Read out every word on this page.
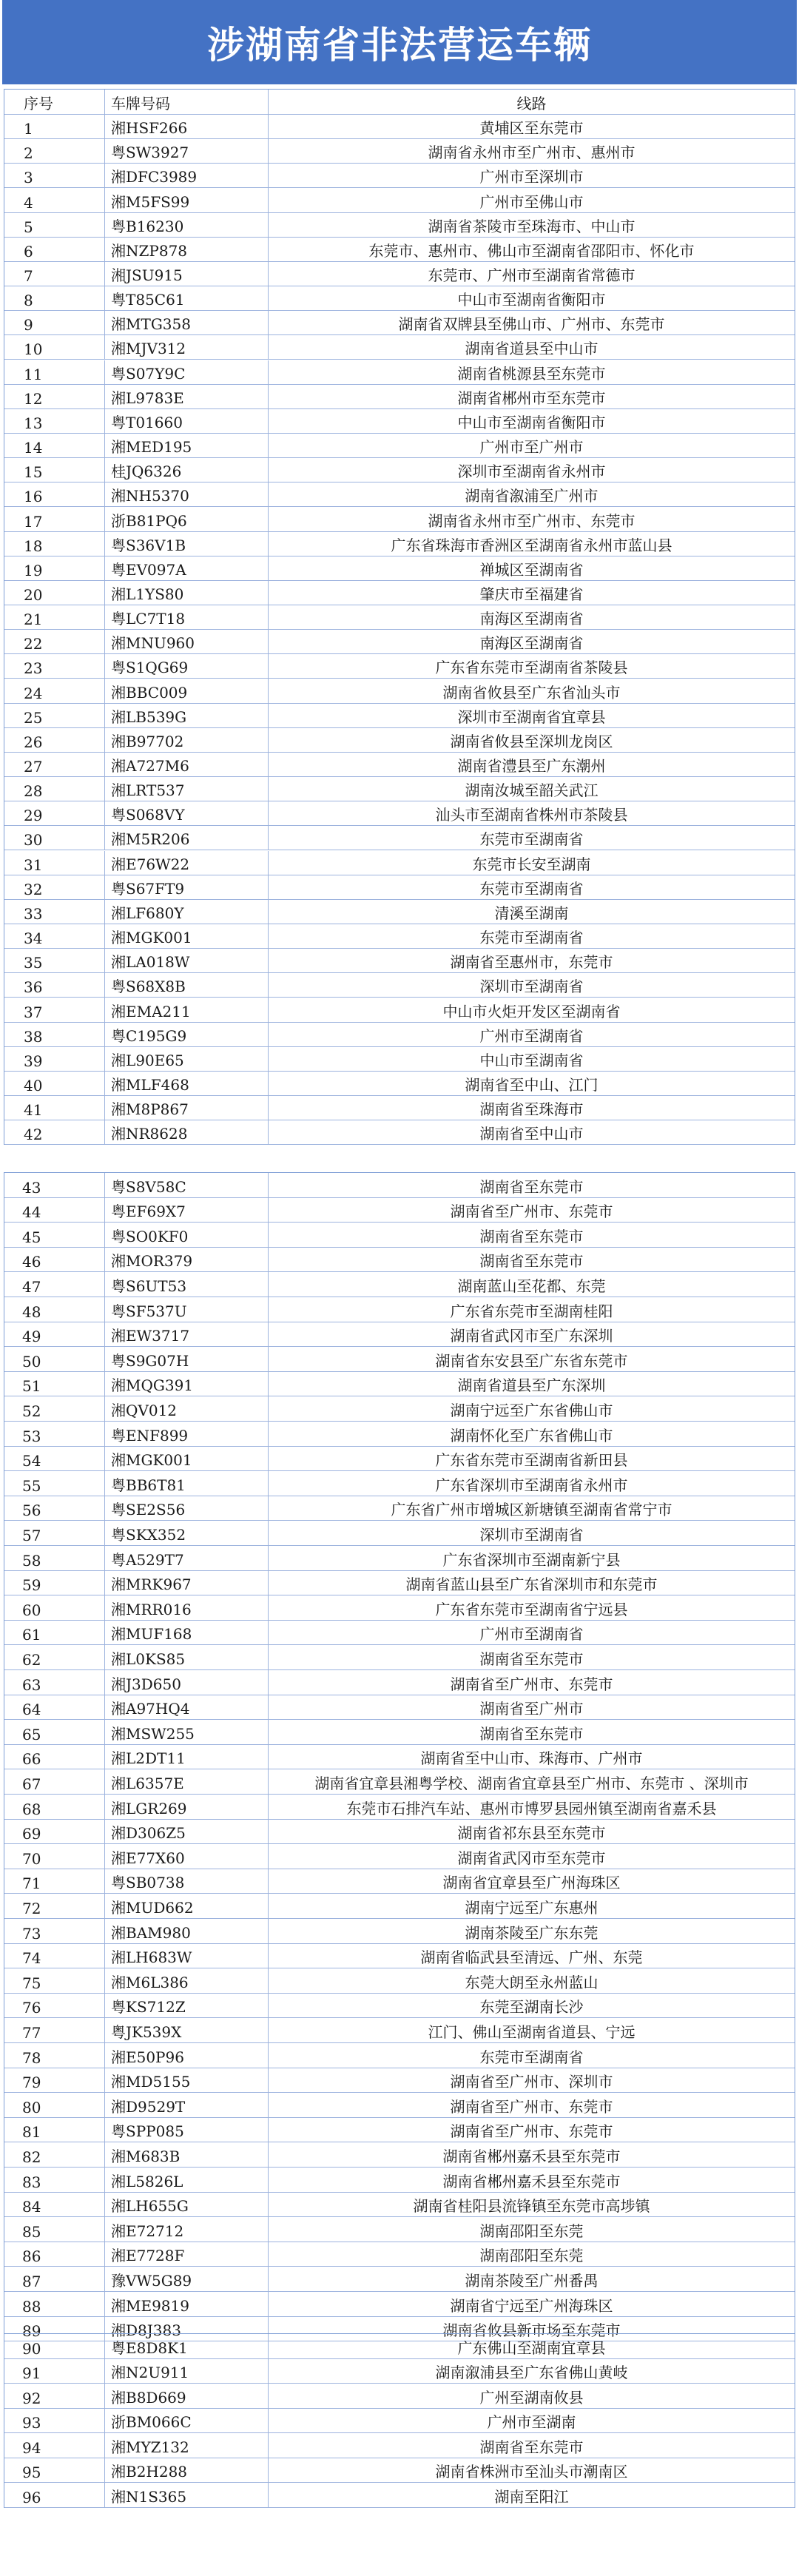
涉湖南省非法营运车辆
序号	车牌号码	线路
1	湘HSF266	黄埔区至东莞市
2	粤SW3927	湖南省永州市至广州市、惠州市
3	湘DFC3989	广州市至深圳市
4	湘M5FS99	广州市至佛山市
5	粤B16230	湖南省茶陵市至珠海市、中山市
6	湘NZP878	东莞市、惠州市、佛山市至湖南省邵阳市、怀化市
7	湘JSU915	东莞市、广州市至湖南省常德市
8	粤T85C61	中山市至湖南省衡阳市
9	湘MTG358	湖南省双牌县至佛山市、广州市、东莞市
10	湘MJV312	湖南省道县至中山市
11	粤S07Y9C	湖南省桃源县至东莞市
12	湘L9783E	湖南省郴州市至东莞市
13	粤T01660	中山市至湖南省衡阳市
14	湘MED195	广州市至广州市
15	桂JQ6326	深圳市至湖南省永州市
16	湘NH5370	湖南省溆浦至广州市
17	浙B81PQ6	湖南省永州市至广州市、东莞市
18	粤S36V1B	广东省珠海市香洲区至湖南省永州市蓝山县
19	粤EV097A	禅城区至湖南省
20	湘L1YS80	肇庆市至福建省
21	粤LC7T18	南海区至湖南省
22	湘MNU960	南海区至湖南省
23	粤S1QG69	广东省东莞市至湖南省茶陵县
24	湘BBC009	湖南省攸县至广东省汕头市
25	湘LB539G	深圳市至湖南省宜章县
26	湘B97702	湖南省攸县至深圳龙岗区
27	湘A727M6	湖南省澧县至广东潮州
28	湘LRT537	湖南汝城至韶关武江
29	粤S068VY	汕头市至湖南省株州市茶陵县
30	湘M5R206	东莞市至湖南省
31	湘E76W22	东莞市长安至湖南
32	粤S67FT9	东莞市至湖南省
33	湘LF680Y	清溪至湖南
34	湘MGK001	东莞市至湖南省
35	湘LA018W	湖南省至惠州市，东莞市
36	粤S68X8B	深圳市至湖南省
37	湘EMA211	中山市火炬开发区至湖南省
38	粤C195G9	广州市至湖南省
39	湘L90E65	中山市至湖南省
40	湘MLF468	湖南省至中山、江门
41	湘M8P867	湖南省至珠海市
42	湘NR8628	湖南省至中山市
43	粤S8V58C	湖南省至东莞市
44	粤EF69X7	湖南省至广州市、东莞市
45	粤SO0KF0	湖南省至东莞市
46	湘MOR379	湖南省至东莞市
47	粤S6UT53	湖南蓝山至花都、东莞
48	粤SF537U	广东省东莞市至湖南桂阳
49	湘EW3717	湖南省武冈市至广东深圳
50	粤S9G07H	湖南省东安县至广东省东莞市
51	湘MQG391	湖南省道县至广东深圳
52	湘QV012	湖南宁远至广东省佛山市
53	粤ENF899	湖南怀化至广东省佛山市
54	湘MGK001	广东省东莞市至湖南省新田县
55	粤BB6T81	广东省深圳市至湖南省永州市
56	粤SE2S56	广东省广州市增城区新塘镇至湖南省常宁市
57	粤SKX352	深圳市至湖南省
58	粤A529T7	广东省深圳市至湖南新宁县
59	湘MRK967	湖南省蓝山县至广东省深圳市和东莞市
60	湘MRR016	广东省东莞市至湖南省宁远县
61	湘MUF168	广州市至湖南省
62	湘L0KS85	湖南省至东莞市
63	湘J3D650	湖南省至广州市、东莞市
64	湘A97HQ4	湖南省至广州市
65	湘MSW255	湖南省至东莞市
66	湘L2DT11	湖南省至中山市、珠海市、广州市
67	湘L6357E	湖南省宜章县湘粤学校、湖南省宜章县至广州市、东莞市 、深圳市
68	湘LGR269	东莞市石排汽车站、惠州市博罗县园州镇至湖南省嘉禾县
69	湘D306Z5	湖南省祁东县至东莞市
70	湘E77X60	湖南省武冈市至东莞市
71	粤SB0738	湖南省宜章县至广州海珠区
72	湘MUD662	湖南宁远至广东惠州
73	湘BAM980	湖南茶陵至广东东莞
74	湘LH683W	湖南省临武县至清远、广州、东莞
75	湘M6L386	东莞大朗至永州蓝山
76	粤KS712Z	东莞至湖南长沙
77	粤JK539X	江门、佛山至湖南省道县、宁远
78	湘E50P96	东莞市至湖南省
79	湘MD5155	湖南省至广州市、深圳市
80	湘D9529T	湖南省至广州市、东莞市
81	粤SPP085	湖南省至广州市、东莞市
82	湘M683B	湖南省郴州嘉禾县至东莞市
83	湘L5826L	湖南省郴州嘉禾县至东莞市
84	湘LH655G	湖南省桂阳县流锋镇至东莞市高埗镇
85	湘E72712	湖南邵阳至东莞
86	湘E7728F	湖南邵阳至东莞
87	豫VW5G89	湖南茶陵至广州番禺
88	湘ME9819	湖南省宁远至广州海珠区
89	湘D8J383	湖南省攸县新市场至东莞市
90	粤E8D8K1	广东佛山至湖南宜章县
91	湘N2U911	湖南溆浦县至广东省佛山黄岐
92	湘B8D669	广州至湖南攸县
93	浙BM066C	广州市至湖南
94	湘MYZ132	湖南省至东莞市
95	湘B2H288	湖南省株洲市至汕头市潮南区
96	湘N1S365	湖南至阳江
